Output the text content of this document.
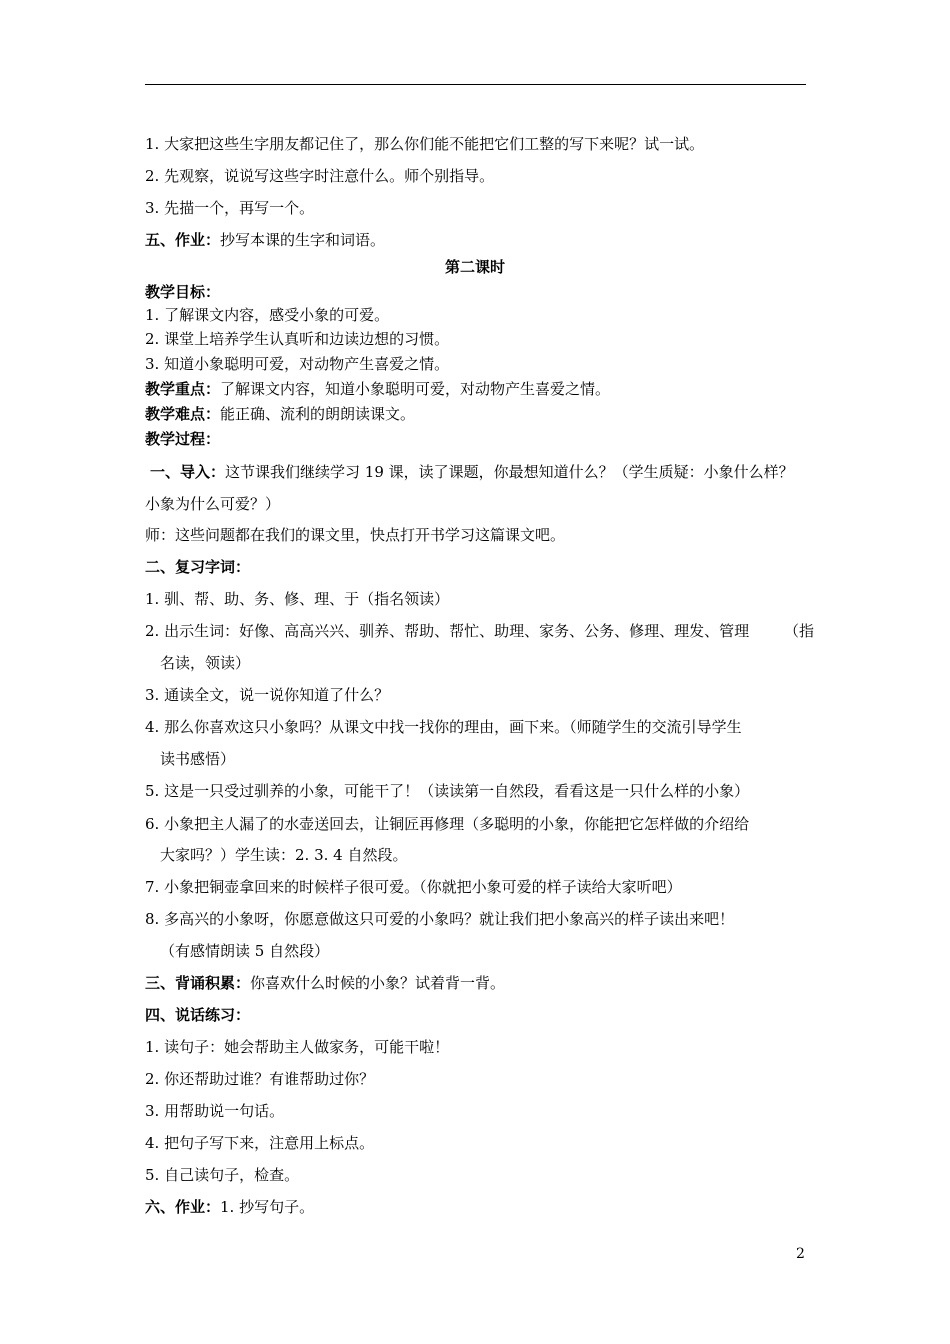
1. 大家把这些生字朋友都记住了，那么你们能不能把它们工整的写下来呢？试一试。
2. 先观察，说说写这些字时注意什么。师个别指导。
3. 先描一个，再写一个。
五、作业：抄写本课的生字和词语。
第二课时
教学目标：
1. 了解课文内容，感受小象的可爱。
2. 课堂上培养学生认真听和边读边想的习惯。
3. 知道小象聪明可爱，对动物产生喜爱之情。
教学重点：了解课文内容，知道小象聪明可爱，对动物产生喜爱之情。
教学难点：能正确、流利的朗朗读课文。
教学过程：
一、导入：这节课我们继续学习 19 课，读了课题，你最想知道什么？（学生质疑：小象什么样？
小象为什么可爱？）
师：这些问题都在我们的课文里，快点打开书学习这篇课文吧。
二、复习字词：
1. 驯、帮、助、务、修、理、于（指名领读）
2. 出示生词：好像、高高兴兴、驯养、帮助、帮忙、助理、家务、公务、修理、理发、管理 （指
名读，领读）
3. 通读全文，说一说你知道了什么？
4. 那么你喜欢这只小象吗？从课文中找一找你的理由，画下来。（师随学生的交流引导学生
读书感悟）
5. 这是一只受过驯养的小象，可能干了！（读读第一自然段，看看这是一只什么样的小象）
6. 小象把主人漏了的水壶送回去，让铜匠再修理（多聪明的小象，你能把它怎样做的介绍给
大家吗？）学生读：2. 3. 4 自然段。
7. 小象把铜壶拿回来的时候样子很可爱。（你就把小象可爱的样子读给大家听吧）
8. 多高兴的小象呀，你愿意做这只可爱的小象吗？就让我们把小象高兴的样子读出来吧！
（有感情朗读 5 自然段）
三、背诵积累：你喜欢什么时候的小象？试着背一背。
四、说话练习：
1. 读句子：她会帮助主人做家务，可能干啦！
2. 你还帮助过谁？有谁帮助过你？
3. 用帮助说一句话。
4. 把句子写下来，注意用上标点。
5. 自己读句子，检查。
六、作业：1. 抄写句子。
2
